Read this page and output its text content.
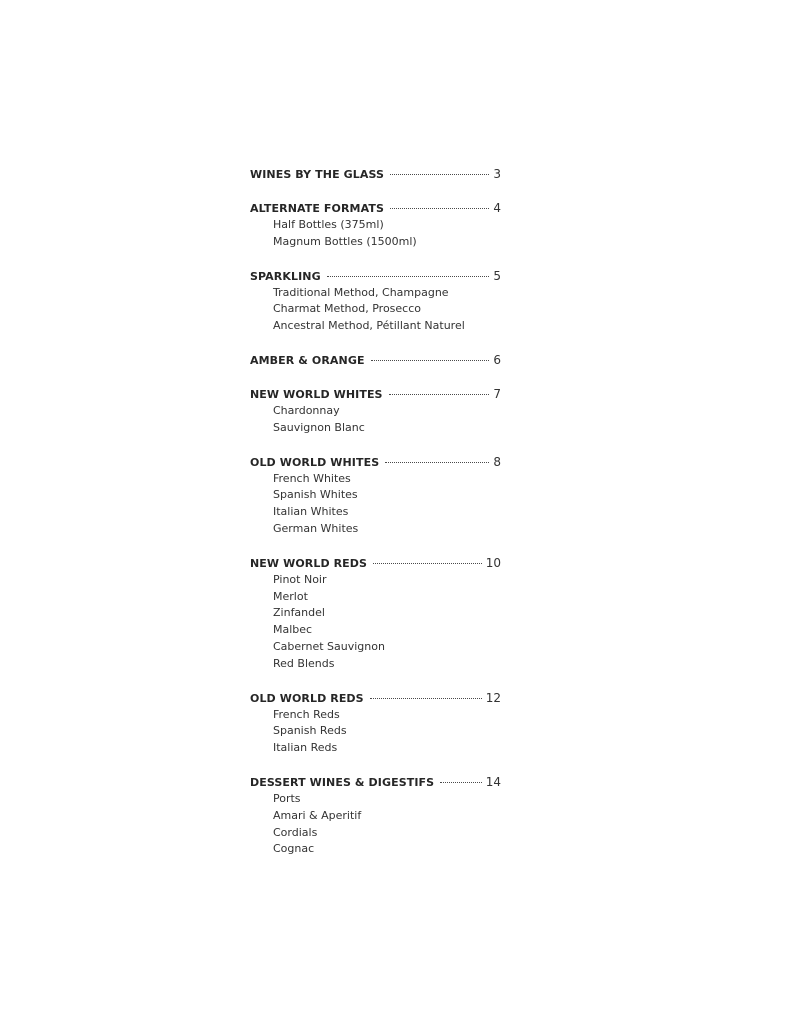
WINES BY THE GLASS	3
ALTERNATE FORMATS	4
Half Bottles (375ml)
Magnum Bottles (1500ml)
SPARKLING	5
Traditional Method, Champagne
Charmat Method, Prosecco
Ancestral Method, Pétillant Naturel
AMBER & ORANGE	6
NEW WORLD WHITES	7
Chardonnay
Sauvignon Blanc
OLD WORLD WHITES	8
French Whites
Spanish Whites
Italian Whites
German Whites
NEW WORLD REDS	10
Pinot Noir
Merlot
Zinfandel
Malbec
Cabernet Sauvignon
Red Blends
OLD WORLD REDS	12
French Reds
Spanish Reds
Italian Reds
DESSERT WINES & DIGESTIFS	14
Ports
Amari & Aperitif
Cordials
Cognac
